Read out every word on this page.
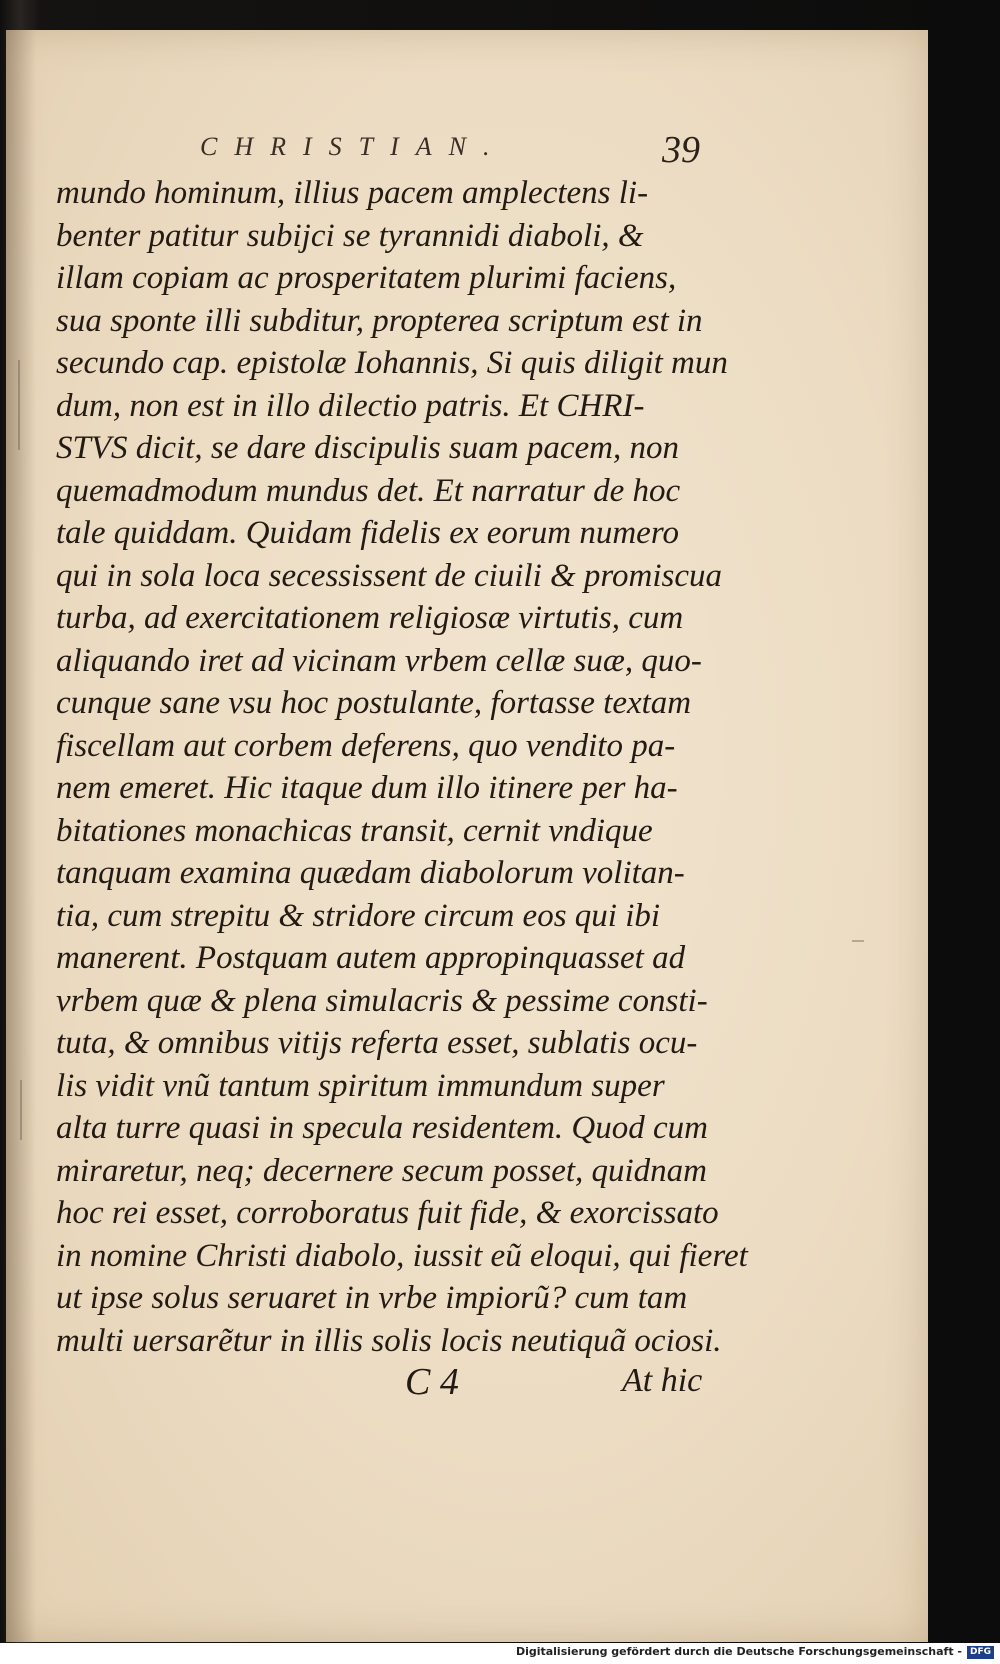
CHRISTIAN.	39
mundo hominum, illius pacem amplectens li-
benter patitur subijci se tyrannidi diaboli, &
illam copiam ac prosperitatem plurimi faciens,
sua sponte illi subditur, propterea scriptum est in
secundo cap. epistolæ Iohannis, Si quis diligit mun
dum, non est in illo dilectio patris. Et CHRI-
STVS dicit, se dare discipulis suam pacem, non
quemadmodum mundus det. Et narratur de hoc
tale quiddam. Quidam fidelis ex eorum numero
qui in sola loca secessissent de ciuili & promiscua
turba, ad exercitationem religiosæ virtutis, cum
aliquando iret ad vicinam vrbem cellæ suæ, quo-
cunque sane vsu hoc postulante, fortasse textam
fiscellam aut corbem deferens, quo vendito pa-
nem emeret. Hic itaque dum illo itinere per ha-
bitationes monachicas transit, cernit vndique
tanquam examina quædam diabolorum volitan-
tia, cum strepitu & stridore circum eos qui ibi
manerent. Postquam autem appropinquasset ad
vrbem quæ & plena simulacris & pessime consti-
tuta, & omnibus vitijs referta esset, sublatis ocu-
lis vidit vnũ tantum spiritum immundum super
alta turre quasi in specula residentem. Quod cum
miraretur, neq; decernere secum posset, quidnam
hoc rei esset, corroboratus fuit fide, & exorcissato
in nomine Christi diabolo, iussit eũ eloqui, qui fieret
ut ipse solus seruaret in vrbe impiorũ? cum tam
multi uersarẽtur in illis solis locis neutiquã ociosi.
C 4	At hic
Digitalisierung gefördert durch die Deutsche Forschungsgemeinschaft - DFG
